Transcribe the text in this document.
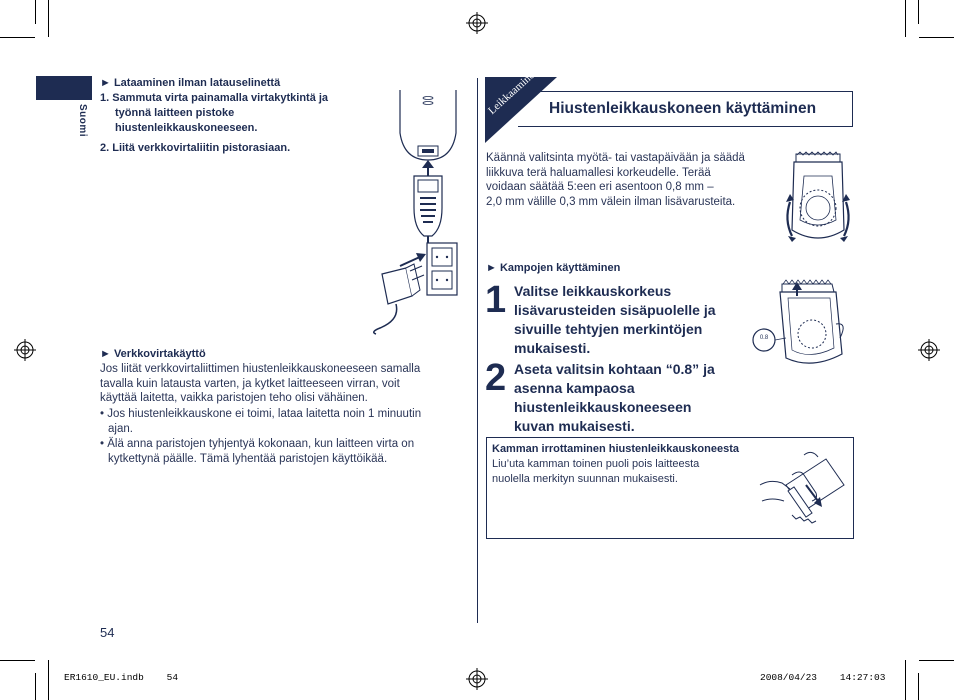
Suomi
► Lataaminen ilman latauselinettä
1. Sammuta virta painamalla virtakytkintä ja
työnnä laitteen pistoke
hiustenleikkauskoneeseen.
2. Liitä verkkovirtaliitin pistorasiaan.
► Verkkovirtakäyttö
Jos liität verkkovirtaliittimen hiustenleikkauskoneeseen samalla
tavalla kuin latausta varten, ja kytket laitteeseen virran, voit
käyttää laitetta, vaikka paristojen teho olisi vähäinen.
• Jos hiustenleikkauskone ei toimi, lataa laitetta noin 1 minuutin
ajan.
• Älä anna paristojen tyhjentyä kokonaan, kun laitteen virta on
kytkettynä päälle. Tämä lyhentää paristojen käyttöikää.
54
Leikkaaminen Hiustenleikkauskoneen käyttäminen
Käännä valitsinta myötä- tai vastapäivään ja säädä
liikkuva terä haluamallesi korkeudelle. Terää
voidaan säätää 5:een eri asentoon 0,8 mm –
2,0 mm välille 0,3 mm välein ilman lisävarusteita.
► Kampojen käyttäminen
1 Valitse leikkauskorkeus
lisävarusteiden sisäpuolelle ja
sivuille tehtyjen merkintöjen
mukaisesti.
2 Aseta valitsin kohtaan “0.8” ja
asenna kampaosa
hiustenleikkauskoneeseen
kuvan mukaisesti.
0.8
Kamman irrottaminen hiustenleikkauskoneesta
Liu’uta kamman toinen puoli pois laitteesta
nuolella merkityn suunnan mukaisesti.
ER1610_EU.indb    54	2008/04/23    14:27:03
